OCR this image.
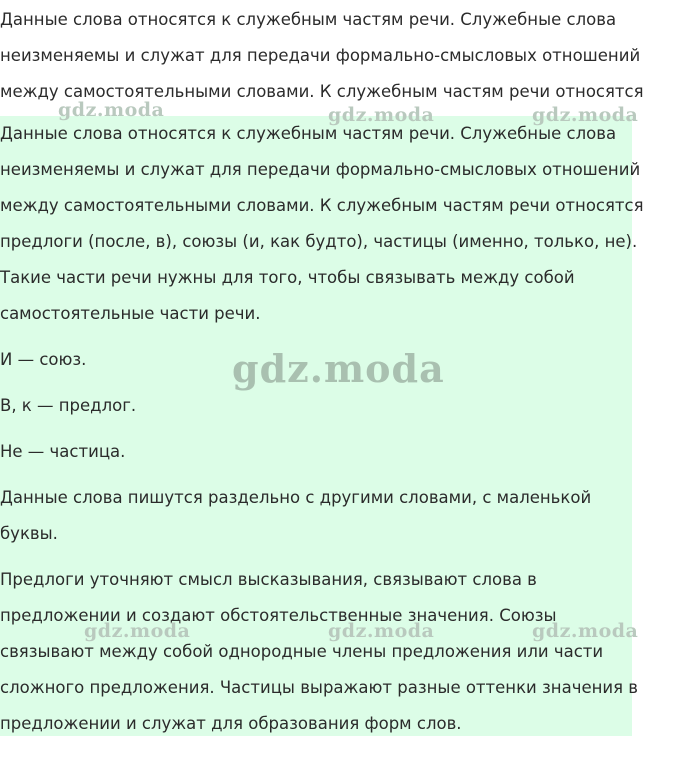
Данные слова относятся к служебным частям речи. Служебные слова

неизменяемы и служат для передачи формально-смысловых отношений

между самостоятельными словами. К служебным частям речи относятся

Данные слова относятся к служебным частям речи. Служебные слова

неизменяемы и служат для передачи формально-смысловых отношений

между самостоятельными словами. К служебным частям речи относятся

предлоги (после, в), союзы (и, как будто), частицы (именно, только, не).

Такие части речи нужны для того, чтобы связывать между собой

самостоятельные части речи.

И — союз.

В, к — предлог.

Не — частица.

Данные слова пишутся раздельно с другими словами, с маленькой

буквы.

Предлоги уточняют смысл высказывания, связывают слова в

предложении и создают обстоятельственные значения. Союзы

связывают между собой однородные члены предложения или части

сложного предложения. Частицы выражают разные оттенки значения в

предложении и служат для образования форм слов.

gdz.moda	gdz.moda	gdz.moda
gdz.moda
gdz.moda	gdz.moda	gdz.moda
